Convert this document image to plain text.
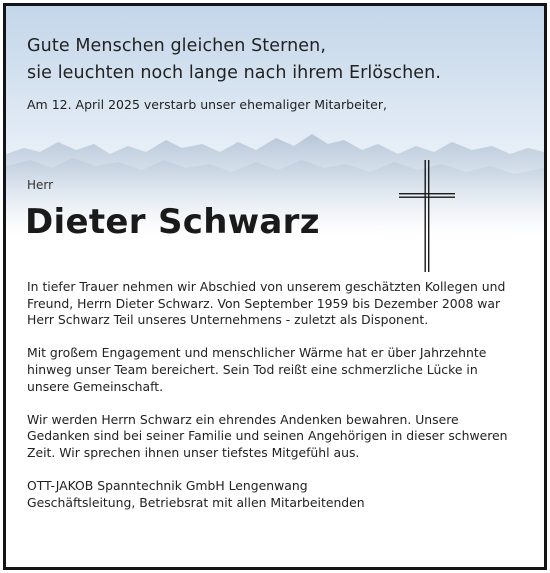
Gute Menschen gleichen Sternen,
sie leuchten noch lange nach ihrem Erlöschen.
Am 12. April 2025 verstarb unser ehemaliger Mitarbeiter,
Herr
Dieter Schwarz
In tiefer Trauer nehmen wir Abschied von unserem geschätzten Kollegen und
Freund, Herrn Dieter Schwarz. Von September 1959 bis Dezember 2008 war
Herr Schwarz Teil unseres Unternehmens - zuletzt als Disponent.
Mit großem Engagement und menschlicher Wärme hat er über Jahrzehnte
hinweg unser Team bereichert. Sein Tod reißt eine schmerzliche Lücke in
unsere Gemeinschaft.
Wir werden Herrn Schwarz ein ehrendes Andenken bewahren. Unsere
Gedanken sind bei seiner Familie und seinen Angehörigen in dieser schweren
Zeit. Wir sprechen ihnen unser tiefstes Mitgefühl aus.
OTT-JAKOB Spanntechnik GmbH Lengenwang
Geschäftsleitung, Betriebsrat mit allen Mitarbeitenden
